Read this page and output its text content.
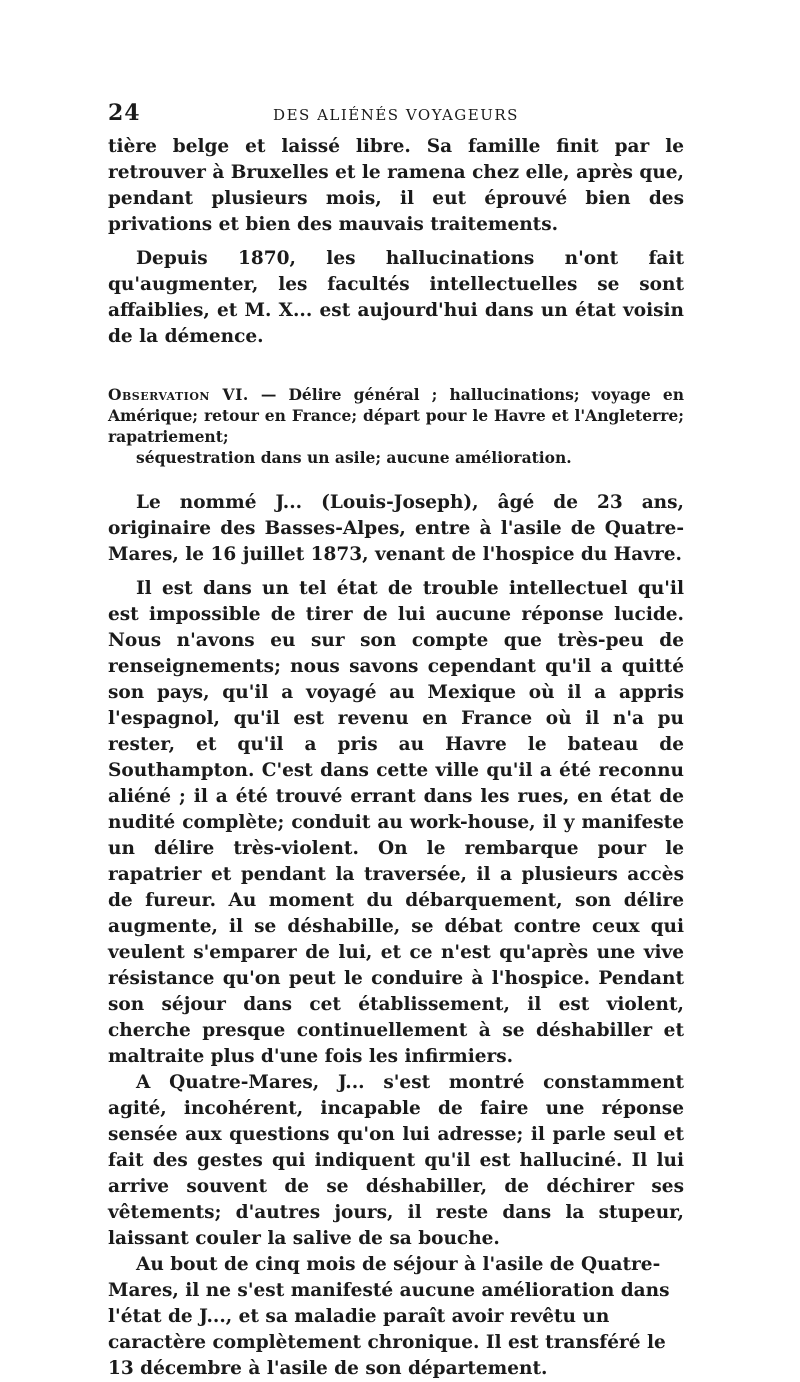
24	DES ALIÉNÉS VOYAGEURS

tière belge et laissé libre. Sa famille finit par le retrouver à Bruxelles et le ramena chez elle, après que, pendant plusieurs mois, il eut éprouvé bien des privations et bien des mauvais traitements.

Depuis 1870, les hallucinations n'ont fait qu'augmenter, les facultés intellectuelles se sont affaiblies, et M. X... est aujourd'hui dans un état voisin de la démence.

Observation VI. — Délire général ; hallucinations; voyage en Amérique; retour en France; départ pour le Havre et l'Angleterre; rapatriement;

séquestration dans un asile; aucune amélioration.

Le nommé J... (Louis-Joseph), âgé de 23 ans, originaire des Basses-Alpes, entre à l'asile de Quatre-Mares, le 16 juillet 1873, venant de l'hospice du Havre.

Il est dans un tel état de trouble intellectuel qu'il est impossible de tirer de lui aucune réponse lucide. Nous n'avons eu sur son compte que très-peu de renseignements; nous savons cependant qu'il a quitté son pays, qu'il a voyagé au Mexique où il a appris l'espagnol, qu'il est revenu en France où il n'a pu rester, et qu'il a pris au Havre le bateau de Southampton. C'est dans cette ville qu'il a été reconnu aliéné ; il a été trouvé errant dans les rues, en état de nudité complète; conduit au work-house, il y manifeste un délire très-violent. On le rembarque pour le rapatrier et pendant la traversée, il a plusieurs accès de fureur. Au moment du débarquement, son délire augmente, il se déshabille, se débat contre ceux qui veulent s'emparer de lui, et ce n'est qu'après une vive résistance qu'on peut le conduire à l'hospice. Pendant son séjour dans cet établissement, il est violent, cherche presque continuellement à se déshabiller et maltraite plus d'une fois les infirmiers.

A Quatre-Mares, J... s'est montré constamment agité, incohérent, incapable de faire une réponse sensée aux questions qu'on lui adresse; il parle seul et fait des gestes qui indiquent qu'il est halluciné. Il lui arrive souvent de se déshabiller, de déchirer ses vêtements; d'autres jours, il reste dans la stupeur, laissant couler la salive de sa bouche.

Au bout de cinq mois de séjour à l'asile de Quatre-Mares, il ne s'est manifesté aucune amélioration dans l'état de J..., et sa maladie paraît avoir revêtu un caractère complètement chronique. Il est transféré le 13 décembre à l'asile de son département.
